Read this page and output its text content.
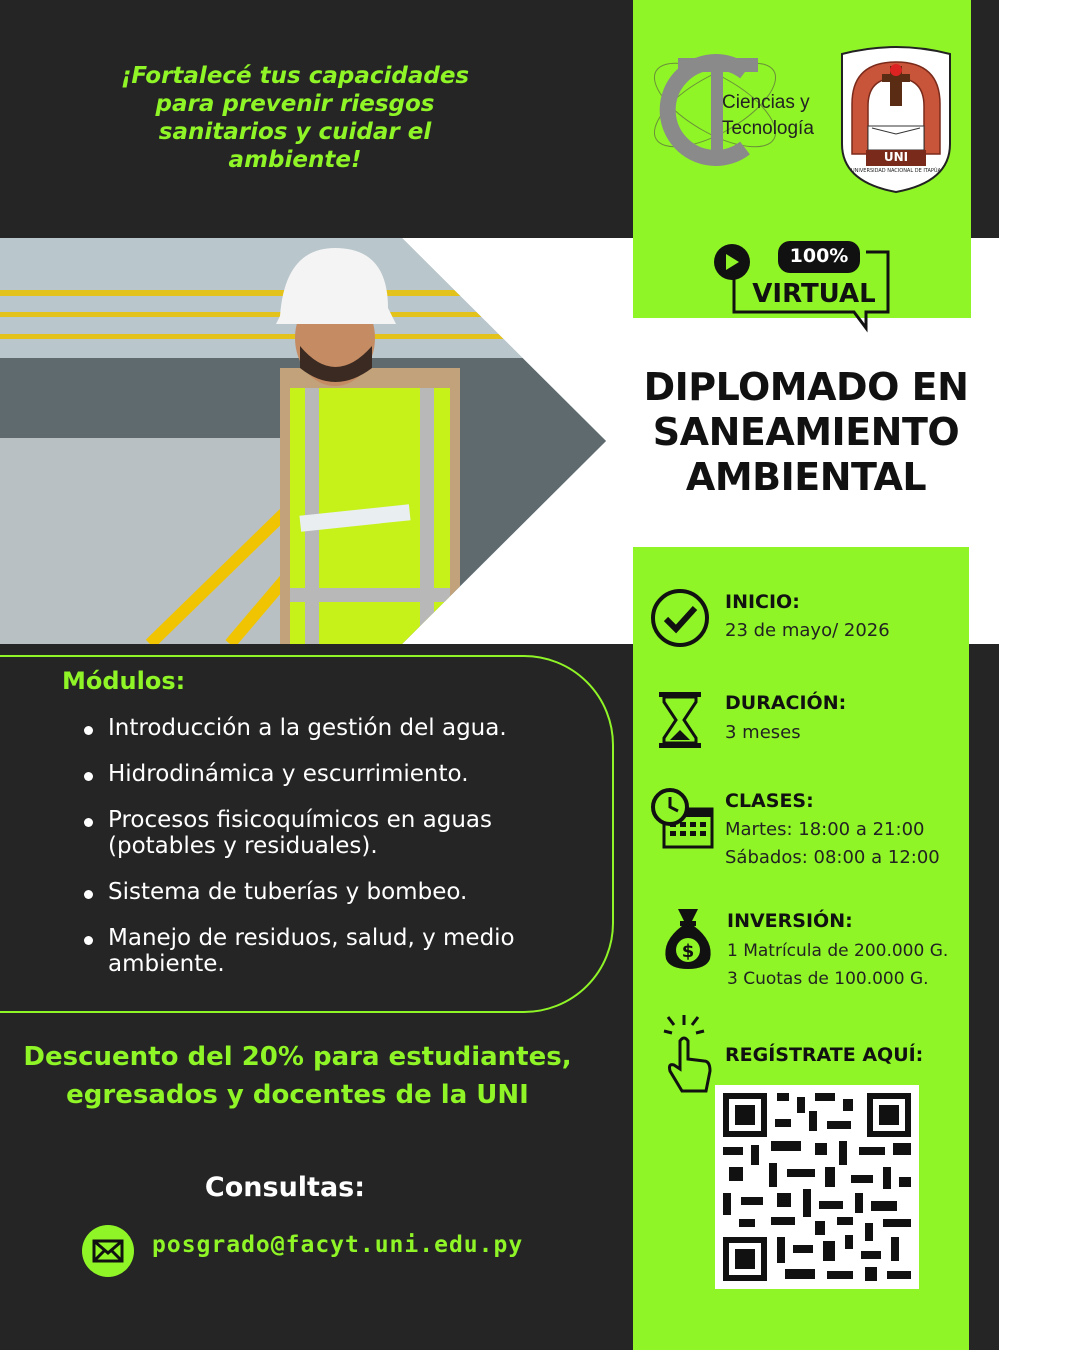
¡Fortalecé tus capacidades para prevenir riesgos sanitarios y cuidar el ambiente!
Ciencias y
Tecnología
UNI
UNIVERSIDAD NACIONAL DE ITAPÚA
100%
VIRTUAL
DIPLOMADO EN
SANEAMIENTO
AMBIENTAL
Módulos:
Introducción a la gestión del agua.
Hidrodinámica y escurrimiento.
Procesos fisicoquímicos en aguas (potables y residuales).
Sistema de tuberías y bombeo.
Manejo de residuos, salud, y medio ambiente.
Descuento del 20% para estudiantes, egresados y docentes de la UNI
Consultas:
posgrado@facyt.uni.edu.py
INICIO:
23 de mayo/ 2026
DURACIÓN:
3 meses
CLASES:
Martes: 18:00 a 21:00
Sábados: 08:00 a 12:00
$
INVERSIÓN:
1 Matrícula de 200.000 G.
3 Cuotas de 100.000 G.
REGÍSTRATE AQUÍ:
